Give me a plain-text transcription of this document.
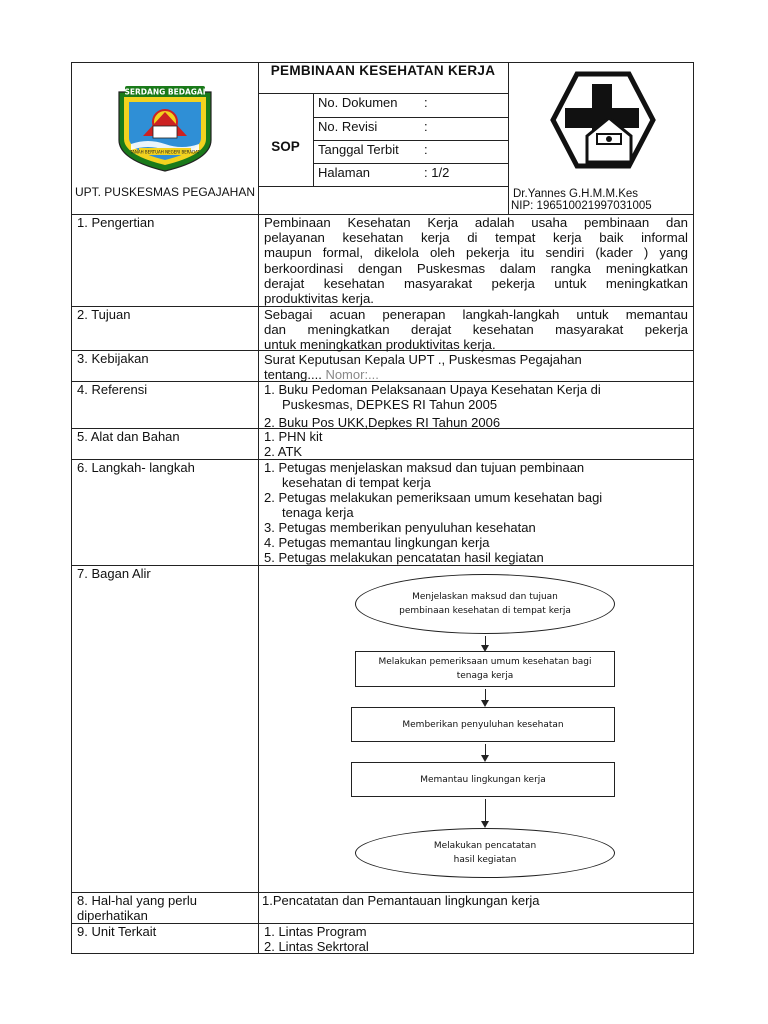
SERDANG BEDAGAI
TANAH BERTUAH NEGERI BERADAT
UPT. PUSKESMAS PEGAJAHAN
PEMBINAAN KESEHATAN KERJA
SOP
No. Dokumen :
No. Revisi	:
Tanggal Terbit :
Halaman	: 1/2
Dr.Yannes G.H.M.M.Kes
NIP: 196510021997031005
1. Pengertian
2. Tujuan
3. Kebijakan
4. Referensi
5. Alat dan Bahan
6. Langkah- langkah
7. Bagan Alir
8. Hal-hal yang perlu
diperhatikan
9. Unit Terkait
Pembinaan Kesehatan Kerja adalah usaha pembinaan dan
pelayanan kesehatan kerja di tempat kerja baik informal
maupun formal, dikelola oleh pekerja itu sendiri (kader ) yang
berkoordinasi dengan Puskesmas dalam rangka meningkatkan
derajat kesehatan masyarakat pekerja untuk meningkatkan
produktivitas kerja.
Sebagai acuan penerapan langkah-langkah untuk memantau
dan meningkatkan derajat kesehatan masyarakat pekerja
untuk meningkatkan produktivitas kerja.
Surat Keputusan Kepala UPT ., Puskesmas Pegajahan
tentang.... Nomor:...
1. Buku Pedoman Pelaksanaan Upaya Kesehatan Kerja di
Puskesmas, DEPKES RI Tahun 2005
2. Buku Pos UKK,Depkes RI Tahun 2006
1. PHN kit
2. ATK
1. Petugas menjelaskan maksud dan tujuan pembinaan
kesehatan di tempat kerja
2. Petugas melakukan pemeriksaan umum kesehatan bagi
tenaga kerja
3. Petugas memberikan penyuluhan kesehatan
4. Petugas memantau lingkungan kerja
5. Petugas melakukan pencatatan hasil kegiatan
Menjelaskan maksud dan tujuan pembinaan kesehatan di tempat kerja
Melakukan pemeriksaan umum kesehatan bagi tenaga kerja
Memberikan penyuluhan kesehatan
Memantau lingkungan kerja
Melakukan pencatatan hasil kegiatan
1.Pencatatan dan Pemantauan lingkungan kerja
1. Lintas Program
2. Lintas Sekrtoral
